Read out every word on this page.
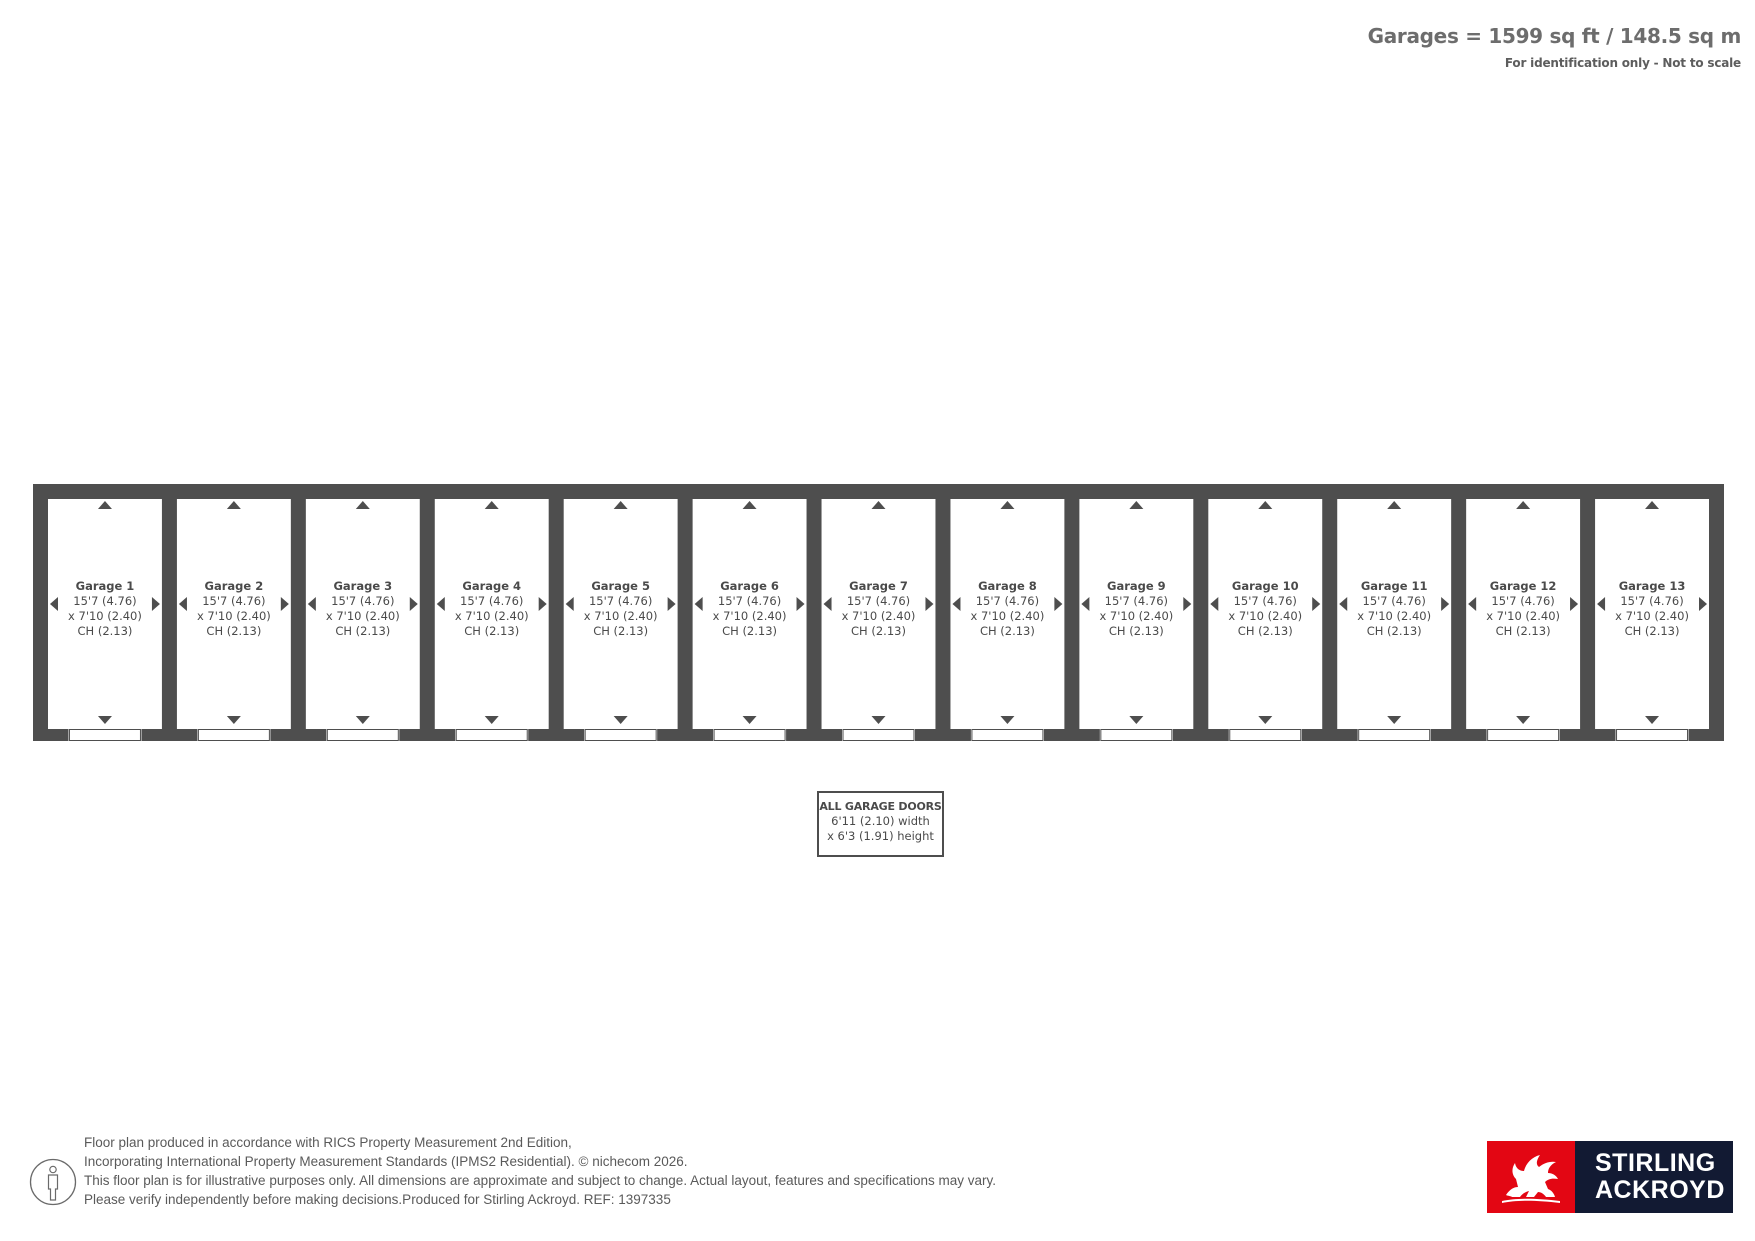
Garages = 1599 sq ft / 148.5 sq m
For identification only - Not to scale
Garage 1
15'7 (4.76)
x 7'10 (2.40)
CH (2.13)
Garage 2
15'7 (4.76)
x 7'10 (2.40)
CH (2.13)
Garage 3
15'7 (4.76)
x 7'10 (2.40)
CH (2.13)
Garage 4
15'7 (4.76)
x 7'10 (2.40)
CH (2.13)
Garage 5
15'7 (4.76)
x 7'10 (2.40)
CH (2.13)
Garage 6
15'7 (4.76)
x 7'10 (2.40)
CH (2.13)
Garage 7
15'7 (4.76)
x 7'10 (2.40)
CH (2.13)
Garage 8
15'7 (4.76)
x 7'10 (2.40)
CH (2.13)
Garage 9
15'7 (4.76)
x 7'10 (2.40)
CH (2.13)
Garage 10
15'7 (4.76)
x 7'10 (2.40)
CH (2.13)
Garage 11
15'7 (4.76)
x 7'10 (2.40)
CH (2.13)
Garage 12
15'7 (4.76)
x 7'10 (2.40)
CH (2.13)
Garage 13
15'7 (4.76)
x 7'10 (2.40)
CH (2.13)
ALL GARAGE DOORS
6'11 (2.10) width
x 6'3 (1.91) height
Floor plan produced in accordance with RICS Property Measurement 2nd Edition,
Incorporating International Property Measurement Standards (IPMS2 Residential). © nichecom 2026.
This floor plan is for illustrative purposes only. All dimensions are approximate and subject to change. Actual layout, features and specifications may vary.
Please verify independently before making decisions.Produced for Stirling Ackroyd. REF: 1397335
STIRLING
ACKROYD
